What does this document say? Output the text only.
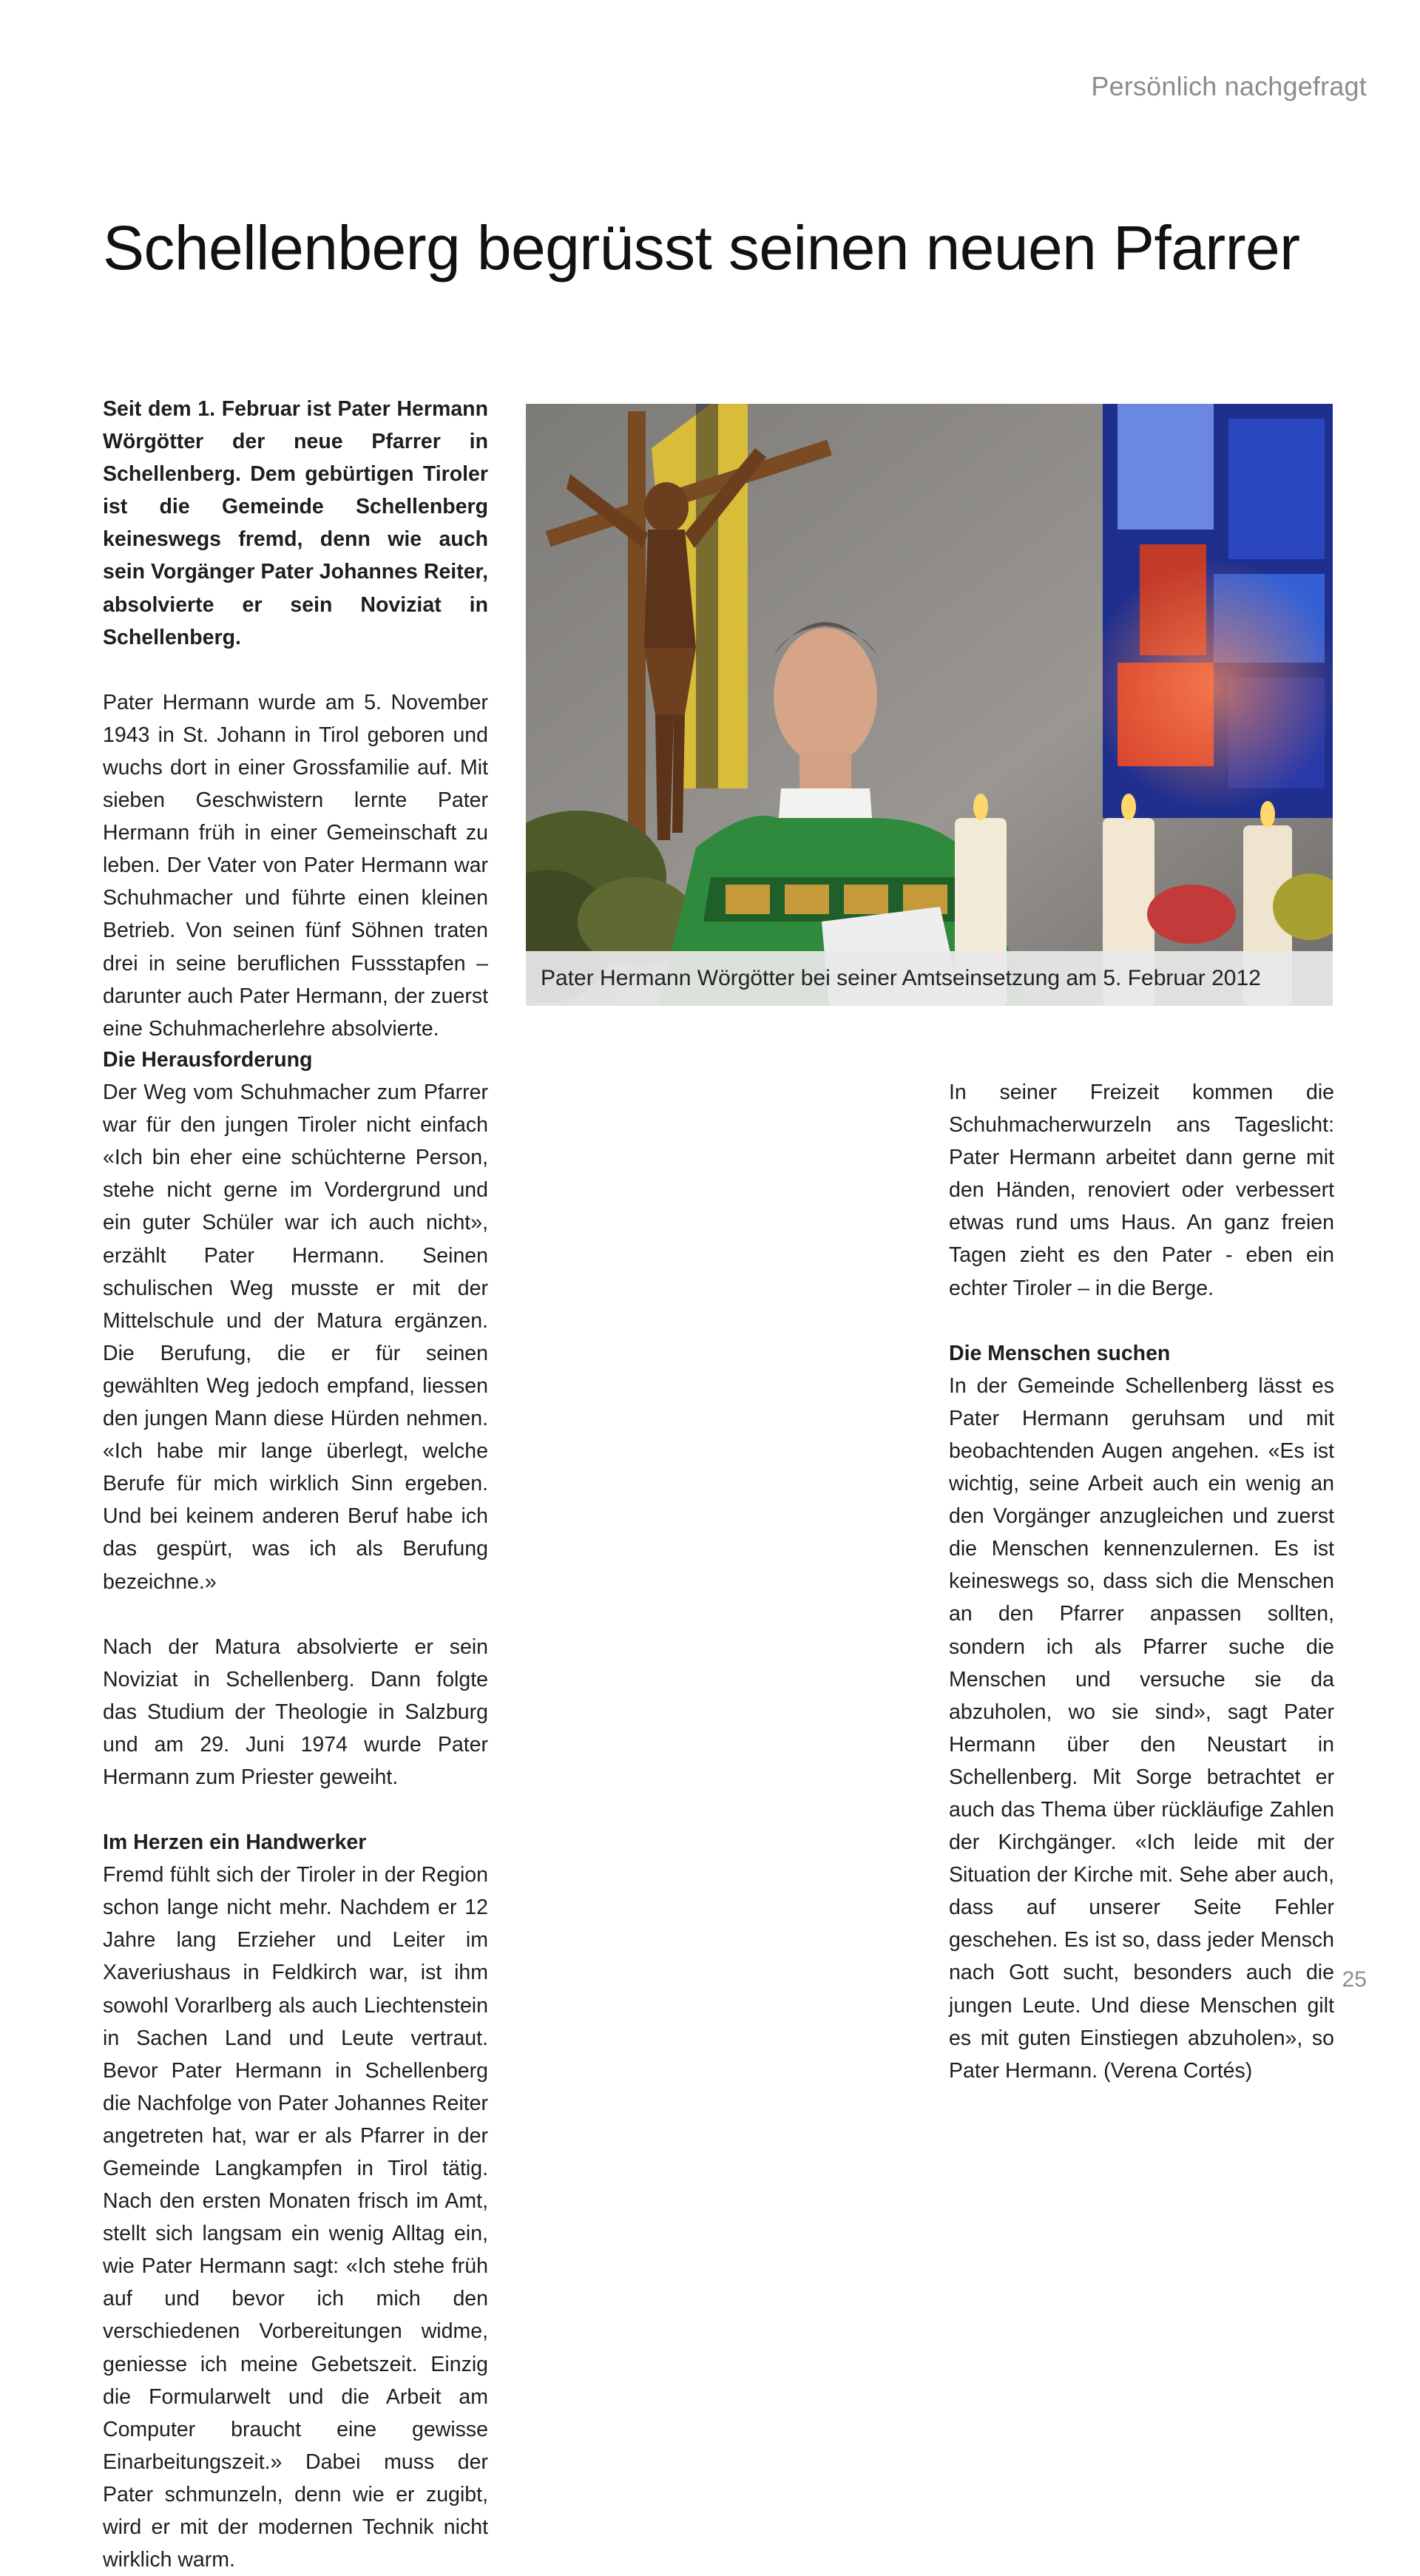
Persönlich nachgefragt
Schellenberg begrüsst seinen neuen Pfarrer

Seit dem 1. Februar ist Pater Hermann Wörgötter der neue Pfarrer in Schellenberg. Dem gebürtigen Tiroler ist die Gemeinde Schellenberg keineswegs fremd, denn wie auch sein Vorgänger Pater Johannes Reiter, absolvierte er sein Noviziat in Schellenberg.

Pater Hermann wurde am 5. November 1943 in St. Johann in Tirol geboren und wuchs dort in einer Grossfamilie auf. Mit sieben Geschwistern lernte Pater Hermann früh in einer Gemeinschaft zu leben. Der Vater von Pater Hermann war Schuhmacher und führte einen kleinen Betrieb. Von seinen fünf Söhnen traten drei in seine beruflichen Fussstapfen – darunter auch Pater Hermann, der zuerst eine Schuhmacherlehre absolvierte.

Pater Hermann Wörgötter bei seiner Amtseinsetzung am 5. Februar 2012
Die Herausforderung

Der Weg vom Schuhmacher zum Pfarrer war für den jungen Tiroler nicht einfach «Ich bin eher eine schüchterne Person, stehe nicht gerne im Vordergrund und ein guter Schüler war ich auch nicht», erzählt Pater Hermann. Seinen schulischen Weg musste er mit der Mittelschule und der Matura ergänzen. Die Berufung, die er für seinen gewählten Weg jedoch empfand, liessen den jungen Mann diese Hürden nehmen. «Ich habe mir lange überlegt, welche Berufe für mich wirklich Sinn ergeben. Und bei keinem anderen Beruf habe ich das gespürt, was ich als Berufung bezeichne.»

Nach der Matura absolvierte er sein Noviziat in Schellenberg. Dann folgte das Studium der Theologie in Salzburg und am 29. Juni 1974 wurde Pater Hermann zum Priester geweiht.

Im Herzen ein Handwerker

Fremd fühlt sich der Tiroler in der Region schon lange nicht mehr. Nachdem er 12 Jahre lang Erzieher und Leiter im Xaveriushaus in Feldkirch war, ist ihm sowohl Vorarlberg als auch Liechtenstein in Sachen Land und Leute vertraut. Bevor Pater Hermann in Schellenberg die Nachfolge von Pater Johannes Reiter angetreten hat, war er als Pfarrer in der Gemeinde Langkampfen in Tirol tätig. Nach den ersten Monaten frisch im Amt, stellt sich langsam ein wenig Alltag ein, wie Pater Hermann sagt: «Ich stehe früh auf und bevor ich mich den verschiedenen Vorbereitungen widme, geniesse ich meine Gebetszeit. Einzig die Formularwelt und die Arbeit am Computer braucht eine gewisse Einarbeitungszeit.» Dabei muss der Pater schmunzeln, denn wie er zugibt, wird er mit der modernen Technik nicht wirklich warm.

In seiner Freizeit kommen die Schuhmacherwurzeln ans Tageslicht: Pater Hermann arbeitet dann gerne mit den Händen, renoviert oder verbessert etwas rund ums Haus. An ganz freien Tagen zieht es den Pater - eben ein echter Tiroler – in die Berge.

Die Menschen suchen

In der Gemeinde Schellenberg lässt es Pater Hermann geruhsam und mit beobachtenden Augen angehen. «Es ist wichtig, seine Arbeit auch ein wenig an den Vorgänger anzugleichen und zuerst die Menschen kennenzulernen. Es ist keineswegs so, dass sich die Menschen an den Pfarrer anpassen sollten, sondern ich als Pfarrer suche die Menschen und versuche sie da abzuholen, wo sie sind», sagt Pater Hermann über den Neustart in Schellenberg. Mit Sorge betrachtet er auch das Thema über rückläufige Zahlen der Kirchgänger. «Ich leide mit der Situation der Kirche mit. Sehe aber auch, dass auf unserer Seite Fehler geschehen. Es ist so, dass jeder Mensch nach Gott sucht, besonders auch die jungen Leute. Und diese Menschen gilt es mit guten Einstiegen abzuholen», so Pater Hermann. (Verena Cortés)

25
